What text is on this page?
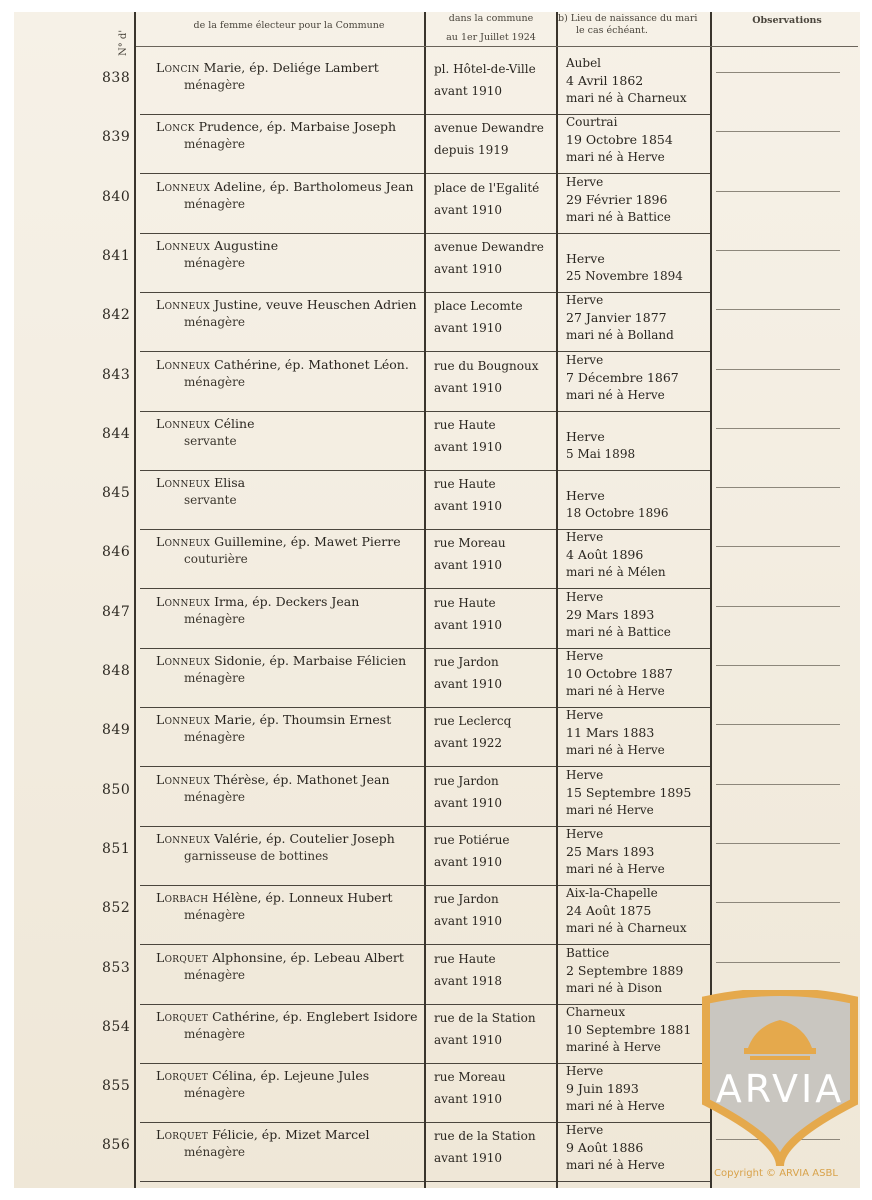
N° d'
de la femme électeur pour la Commune
dans la commune
au 1er Juillet 1924
b) Lieu de naissance du mari
le cas échéant.
Observations
838
Loncin Marie, ép. Deliége Lambert
ménagère
pl. Hôtel-de-Ville
avant 1910
Aubel
4 Avril 1862
mari né à Charneux
839
Lonck Prudence, ép. Marbaise Joseph
ménagère
avenue Dewandre
depuis 1919
Courtrai
19 Octobre 1854
mari né à Herve
840
Lonneux Adeline, ép. Bartholomeus Jean
ménagère
place de l'Egalité
avant 1910
Herve
29 Février 1896
mari né à Battice
841
Lonneux Augustine
ménagère
avenue Dewandre
avant 1910
Herve
25 Novembre 1894
842
Lonneux Justine, veuve Heuschen Adrien
ménagère
place Lecomte
avant 1910
Herve
27 Janvier 1877
mari né à Bolland
843
Lonneux Cathérine, ép. Mathonet Léon.
ménagère
rue du Bougnoux
avant 1910
Herve
7 Décembre 1867
mari né à Herve
844
Lonneux Céline
servante
rue Haute
avant 1910
Herve
5 Mai 1898
845
Lonneux Elisa
servante
rue Haute
avant 1910
Herve
18 Octobre 1896
846
Lonneux Guillemine, ép. Mawet Pierre
couturière
rue Moreau
avant 1910
Herve
4 Août 1896
mari né à Mélen
847
Lonneux Irma, ép. Deckers Jean
ménagère
rue Haute
avant 1910
Herve
29 Mars 1893
mari né à Battice
848
Lonneux Sidonie, ép. Marbaise Félicien
ménagère
rue Jardon
avant 1910
Herve
10 Octobre 1887
mari né à Herve
849
Lonneux Marie, ép. Thoumsin Ernest
ménagère
rue Leclercq
avant 1922
Herve
11 Mars 1883
mari né à Herve
850
Lonneux Thérèse, ép. Mathonet Jean
ménagère
rue Jardon
avant 1910
Herve
15 Septembre 1895
mari né Herve
851
Lonneux Valérie, ép. Coutelier Joseph
garnisseuse de bottines
rue Potiérue
avant 1910
Herve
25 Mars 1893
mari né à Herve
852
Lorbach Hélène, ép. Lonneux Hubert
ménagère
rue Jardon
avant 1910
Aix-la-Chapelle
24 Août 1875
mari né à Charneux
853
Lorquet Alphonsine, ép. Lebeau Albert
ménagère
rue Haute
avant 1918
Battice
2 Septembre 1889
mari né à Dison
854
Lorquet Cathérine, ép. Englebert Isidore
ménagère
rue de la Station
avant 1910
Charneux
10 Septembre 1881
mariné à Herve
855
Lorquet Célina, ép. Lejeune Jules
ménagère
rue Moreau
avant 1910
Herve
9 Juin 1893
mari né à Herve
856
Lorquet Félicie, ép. Mizet Marcel
ménagère
rue de la Station
avant 1910
Herve
9 Août 1886
mari né à Herve
ARVIA
Copyright © ARVIA ASBL
